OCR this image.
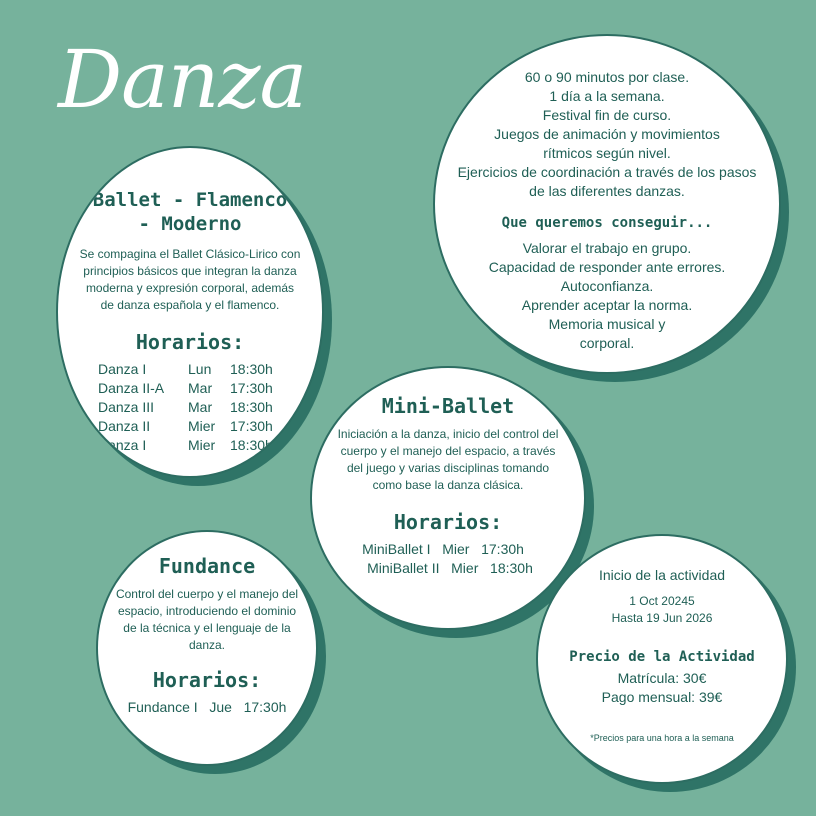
Danza	60 o 90 minutos por clase.
1 día a la semana.
Festival fin de curso.
Juegos de animación y movimientos
rítmicos según nivel.
Ejercicios de coordinación a través de los pasos
de las diferentes danzas.
Que queremos conseguir...
Valorar el trabajo en grupo.
Capacidad de responder ante errores.
Autoconfianza.
Aprender aceptar la norma.
Memoria musical y
corporal.
Ballet - Flamenco
- Moderno
Se compagina el Ballet Clásico-Lirico con principios básicos que integran la danza moderna y expresión corporal, además de danza española y el flamenco.
Horarios:
Danza I	Lun	18:30h
Danza II-A	Mar	17:30h
Danza III	Mar	18:30h
Danza II	Mier	17:30h
Danza I	Mier	18:30h
Mini-Ballet
Iniciación a la danza, inicio del control del cuerpo y el manejo del espacio, a través del juego y varias disciplinas tomando como base la danza clásica.
Horarios:
MiniBallet I Mier 17:30h
MiniBallet II Mier 18:30h
Fundance
Control del cuerpo y el manejo del espacio, introduciendo el dominio de la técnica y el lenguaje de la danza.
Horarios:
Fundance I Jue 17:30h
Inicio de la actividad
1 Oct 20245
Hasta 19 Jun 2026
Precio de la Actividad
Matrícula: 30€
Pago mensual: 39€
*Precios para una hora a la semana
